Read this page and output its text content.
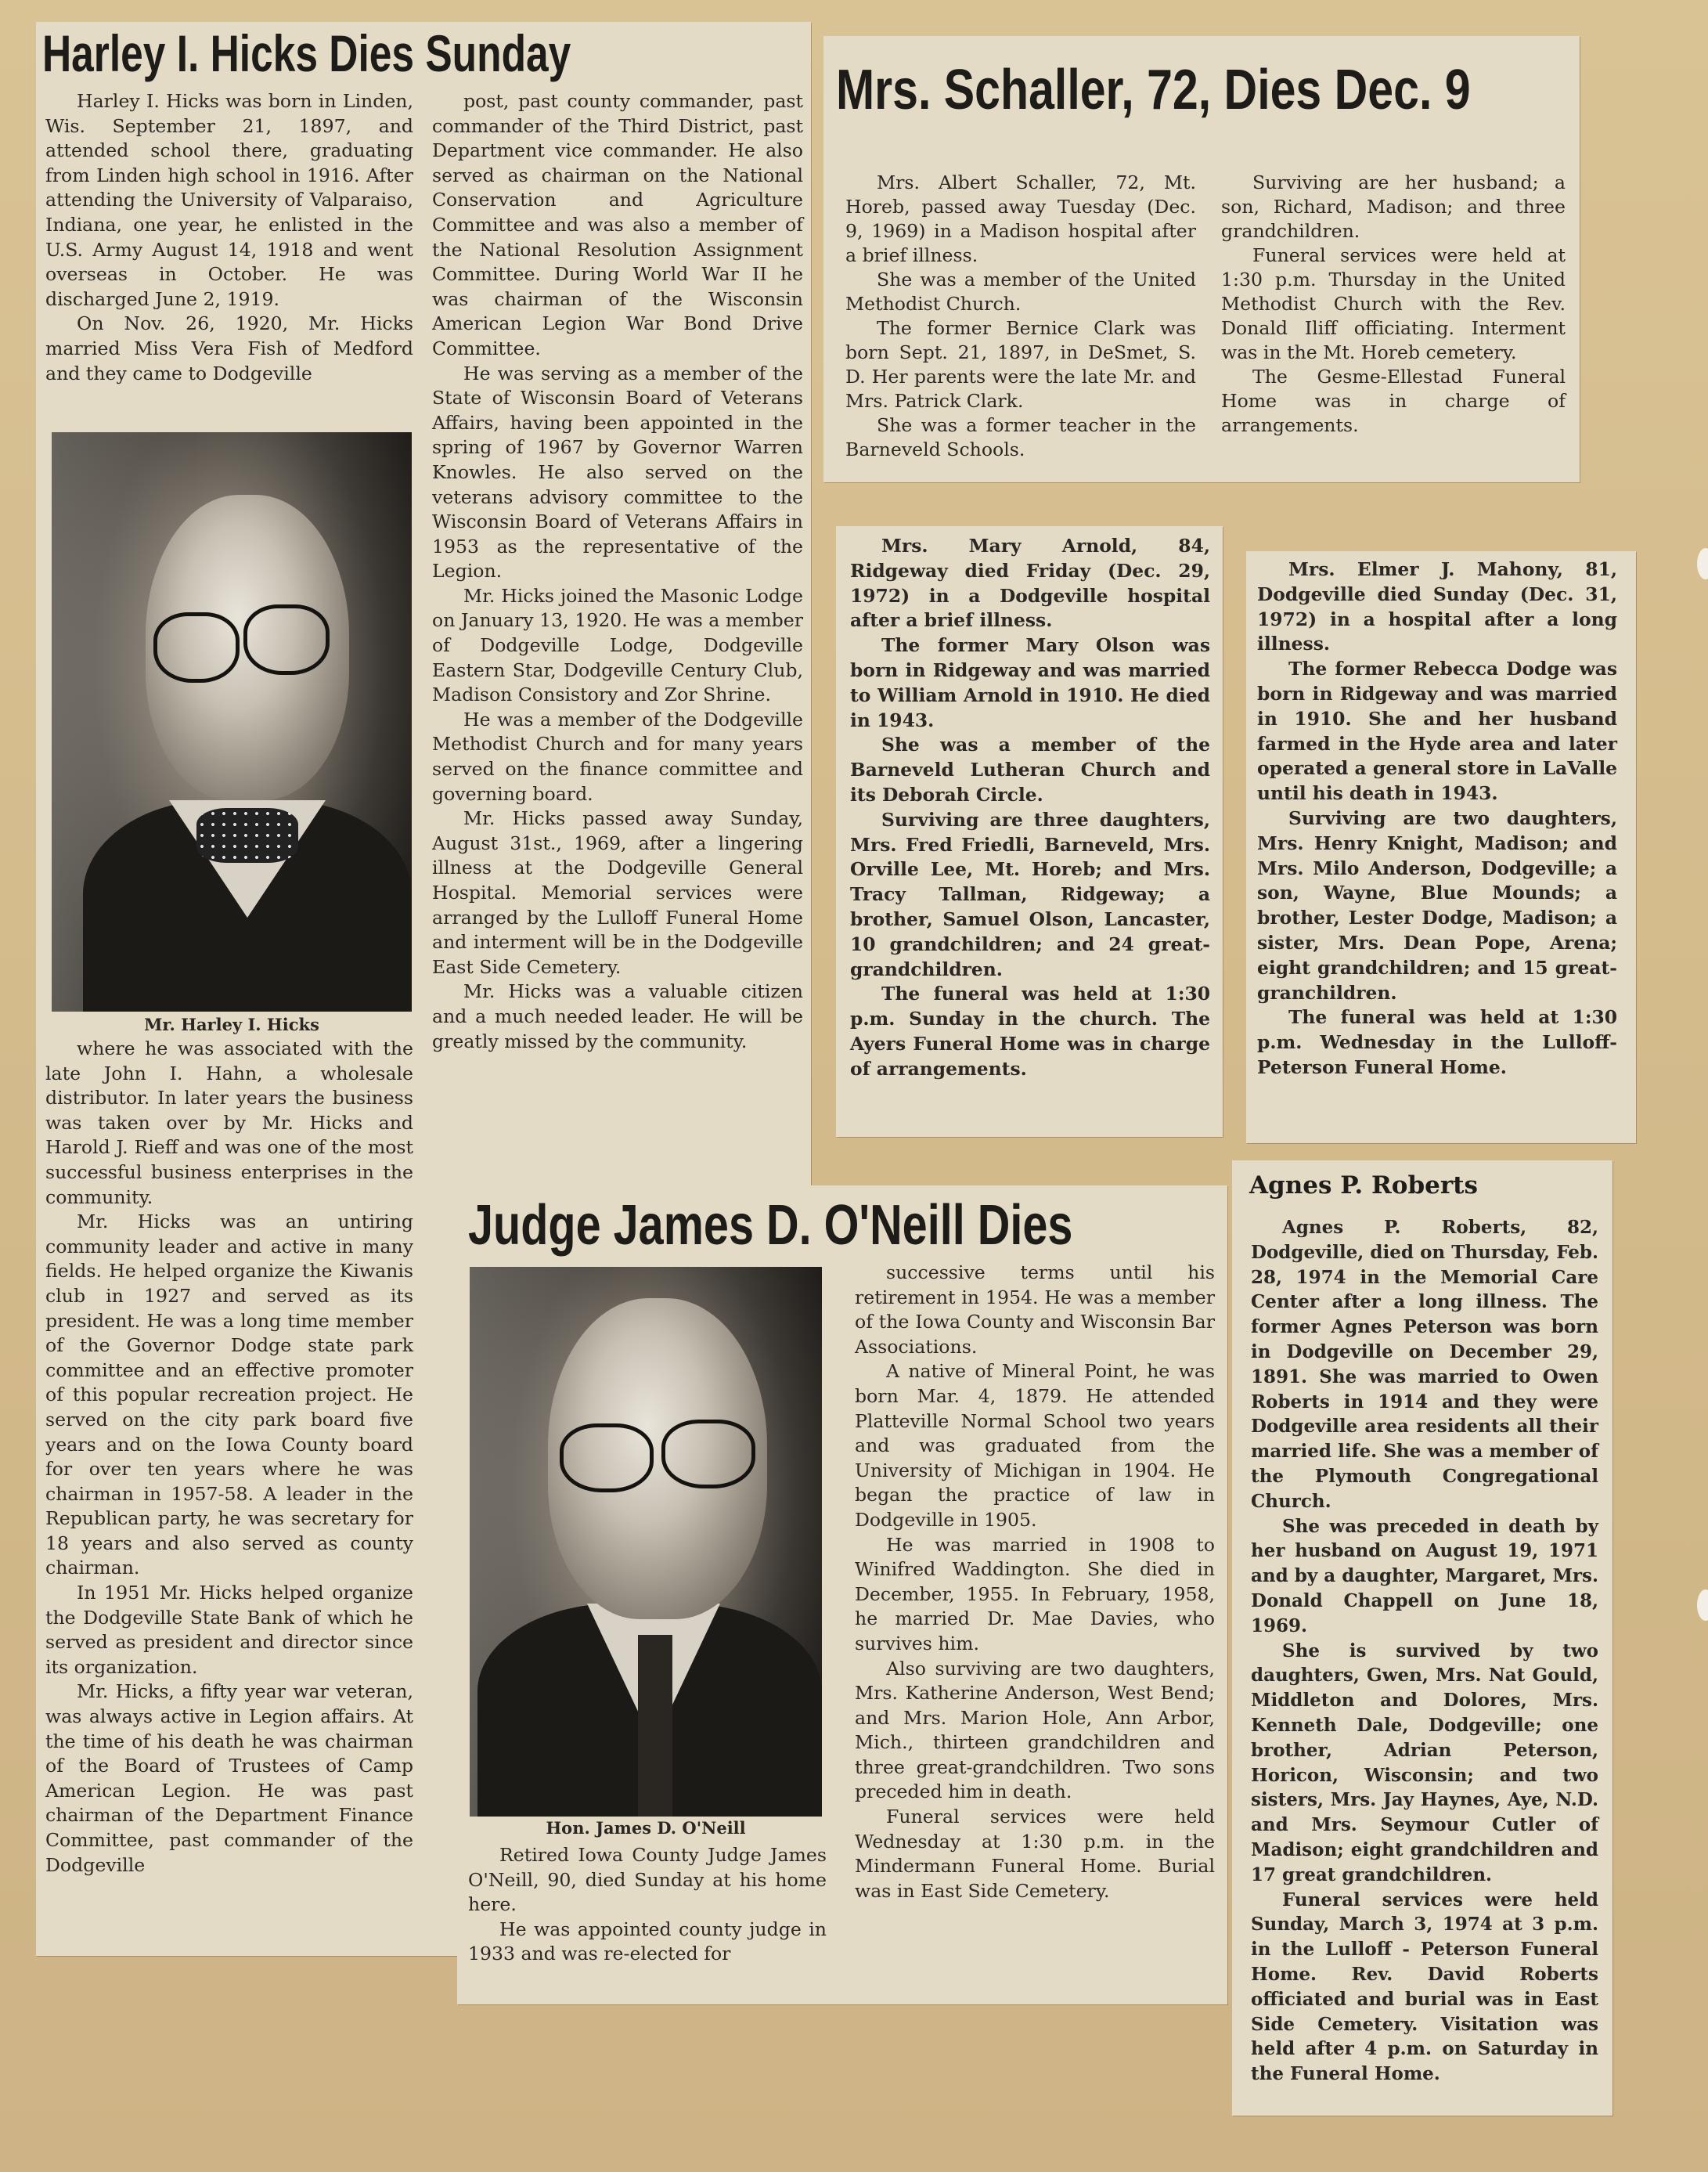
Harley I. Hicks Dies Sunday

Harley I. Hicks was born in Linden, Wis. September 21, 1897, and attended school there, graduating from Linden high school in 1916. After attending the University of Valparaiso, Indiana, one year, he enlisted in the U.S. Army August 14, 1918 and went overseas in October. He was discharged June 2, 1919.

On Nov. 26, 1920, Mr. Hicks married Miss Vera Fish of Medford and they came to Dodgeville

Mr. Harley I. Hicks

where he was associated with the late John I. Hahn, a wholesale distributor. In later years the business was taken over by Mr. Hicks and Harold J. Rieff and was one of the most successful business enterprises in the community.

Mr. Hicks was an untiring community leader and active in many fields. He helped organize the Kiwanis club in 1927 and served as its president. He was a long time member of the Governor Dodge state park committee and an effective promoter of this popular recreation project. He served on the city park board five years and on the Iowa County board for over ten years where he was chairman in 1957-58. A leader in the Republican party, he was secretary for 18 years and also served as county chairman.

In 1951 Mr. Hicks helped organize the Dodgeville State Bank of which he served as president and director since its organization.

Mr. Hicks, a fifty year war veteran, was always active in Legion affairs. At the time of his death he was chairman of the Board of Trustees of Camp American Legion. He was past chairman of the Department Finance Committee, past commander of the Dodgeville

post, past county commander, past commander of the Third District, past Department vice commander. He also served as chairman on the National Conservation and Agriculture Committee and was also a member of the National Resolution Assignment Committee. During World War II he was chairman of the Wisconsin American Legion War Bond Drive Committee.

He was serving as a member of the State of Wisconsin Board of Veterans Affairs, having been appointed in the spring of 1967 by Governor Warren Knowles. He also served on the veterans advisory committee to the Wisconsin Board of Veterans Affairs in 1953 as the representative of the Legion.

Mr. Hicks joined the Masonic Lodge on January 13, 1920. He was a member of Dodgeville Lodge, Dodgeville Eastern Star, Dodgeville Century Club, Madison Consistory and Zor Shrine.

He was a member of the Dodgeville Methodist Church and for many years served on the finance committee and governing board.

Mr. Hicks passed away Sunday, August 31st., 1969, after a lingering illness at the Dodgeville General Hospital. Memorial services were arranged by the Lulloff Funeral Home and interment will be in the Dodgeville East Side Cemetery.

Mr. Hicks was a valuable citizen and a much needed leader. He will be greatly missed by the community.

Mrs. Schaller, 72, Dies Dec. 9

Mrs. Albert Schaller, 72, Mt. Horeb, passed away Tuesday (Dec. 9, 1969) in a Madison hospital after a brief illness.

She was a member of the United Methodist Church.

The former Bernice Clark was born Sept. 21, 1897, in DeSmet, S. D. Her parents were the late Mr. and Mrs. Patrick Clark.

She was a former teacher in the Barneveld Schools.

Surviving are her husband; a son, Richard, Madison; and three grandchildren.

Funeral services were held at 1:30 p.m. Thursday in the United Methodist Church with the Rev. Donald Iliff officiating. Interment was in the Mt. Horeb cemetery.

The Gesme-Ellestad Funeral Home was in charge of arrangements.

Mrs. Mary Arnold, 84, Ridgeway died Friday (Dec. 29, 1972) in a Dodgeville hospital after a brief illness.

The former Mary Olson was born in Ridgeway and was married to William Arnold in 1910. He died in 1943.

She was a member of the Barneveld Lutheran Church and its Deborah Circle.

Surviving are three daughters, Mrs. Fred Friedli, Barneveld, Mrs. Orville Lee, Mt. Horeb; and Mrs. Tracy Tallman, Ridgeway; a brother, Samuel Olson, Lancaster, 10 grandchildren; and 24 great-grandchildren.

The funeral was held at 1:30 p.m. Sunday in the church. The Ayers Funeral Home was in charge of arrangements.

Mrs. Elmer J. Mahony, 81, Dodgeville died Sunday (Dec. 31, 1972) in a hospital after a long illness.

The former Rebecca Dodge was born in Ridgeway and was married in 1910. She and her husband farmed in the Hyde area and later operated a general store in LaValle until his death in 1943.

Surviving are two daughters, Mrs. Henry Knight, Madison; and Mrs. Milo Anderson, Dodgeville; a son, Wayne, Blue Mounds; a brother, Lester Dodge, Madison; a sister, Mrs. Dean Pope, Arena; eight grandchildren; and 15 great-granchildren.

The funeral was held at 1:30 p.m. Wednesday in the Lulloff-Peterson Funeral Home.

Judge James D. O'Neill Dies
Hon. James D. O'Neill

Retired Iowa County Judge James O'Neill, 90, died Sunday at his home here.

He was appointed county judge in 1933 and was re-elected for

successive terms until his retirement in 1954. He was a member of the Iowa County and Wisconsin Bar Associations.

A native of Mineral Point, he was born Mar. 4, 1879. He attended Platteville Normal School two years and was graduated from the University of Michigan in 1904. He began the practice of law in Dodgeville in 1905.

He was married in 1908 to Winifred Waddington. She died in December, 1955. In February, 1958, he married Dr. Mae Davies, who survives him.

Also surviving are two daughters, Mrs. Katherine Anderson, West Bend; and Mrs. Marion Hole, Ann Arbor, Mich., thirteen grandchildren and three great-grandchildren. Two sons preceded him in death.

Funeral services were held Wednesday at 1:30 p.m. in the Mindermann Funeral Home. Burial was in East Side Cemetery.

Agnes P. Roberts

Agnes P. Roberts, 82, Dodgeville, died on Thursday, Feb. 28, 1974 in the Memorial Care Center after a long illness. The former Agnes Peterson was born in Dodgeville on December 29, 1891. She was married to Owen Roberts in 1914 and they were Dodgeville area residents all their married life. She was a member of the Plymouth Congregational Church.

She was preceded in death by her husband on August 19, 1971 and by a daughter, Margaret, Mrs. Donald Chappell on June 18, 1969.

She is survived by two daughters, Gwen, Mrs. Nat Gould, Middleton and Dolores, Mrs. Kenneth Dale, Dodgeville; one brother, Adrian Peterson, Horicon, Wisconsin; and two sisters, Mrs. Jay Haynes, Aye, N.D. and Mrs. Seymour Cutler of Madison; eight grandchildren and 17 great grandchildren.

Funeral services were held Sunday, March 3, 1974 at 3 p.m. in the Lulloff - Peterson Funeral Home. Rev. David Roberts officiated and burial was in East Side Cemetery. Visitation was held after 4 p.m. on Saturday in the Funeral Home.
